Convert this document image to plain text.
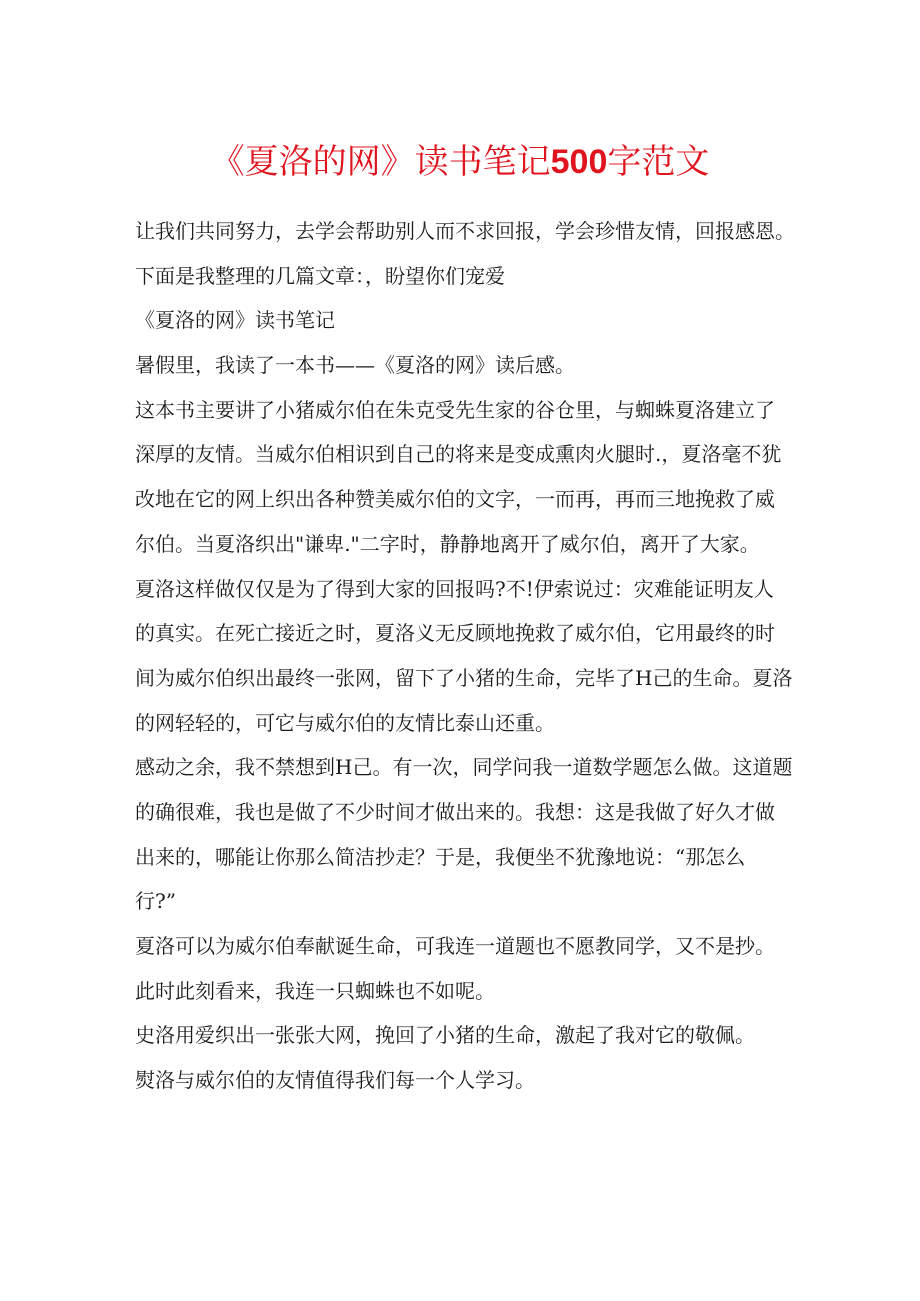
《夏洛的网》读书笔记500字范文
让我们共同努力，去学会帮助别人而不求回报，学会珍惜友情，回报感恩。
下面是我整理的几篇文章：，盼望你们宠爱
《夏洛的网》读书笔记
暑假里，我读了一本书——《夏洛的网》读后感。
这本书主要讲了小猪威尔伯在朱克受先生家的谷仓里，与蜘蛛夏洛建立了
深厚的友情。当威尔伯相识到自己的将来是变成熏肉火腿时.，夏洛毫不犹
改地在它的网上织出各种赞美威尔伯的文字，一而再，再而三地挽救了威
尔伯。当夏洛织出"谦卑."二字时，静静地离开了威尔伯，离开了大家。
夏洛这样做仅仅是为了得到大家的回报吗?不!伊索说过：灾难能证明友人
的真实。在死亡接近之时，夏洛义无反顾地挽救了威尔伯，它用最终的时
间为威尔伯织出最终一张网，留下了小猪的生命，完毕了H己的生命。夏洛
的网轻轻的，可它与威尔伯的友情比泰山还重。
感动之余，我不禁想到H己。有一次，同学问我一道数学题怎么做。这道题
的确很难，我也是做了不少时间才做出来的。我想：这是我做了好久才做
出来的，哪能让你那么简洁抄走？于是，我便坐不犹豫地说：“那怎么
行?”
夏洛可以为威尔伯奉献诞生命，可我连一道题也不愿教同学，又不是抄。
此时此刻看来，我连一只蜘蛛也不如呢。
史洛用爱织出一张张大网，挽回了小猪的生命，激起了我对它的敬佩。
熨洛与威尔伯的友情值得我们每一个人学习。
